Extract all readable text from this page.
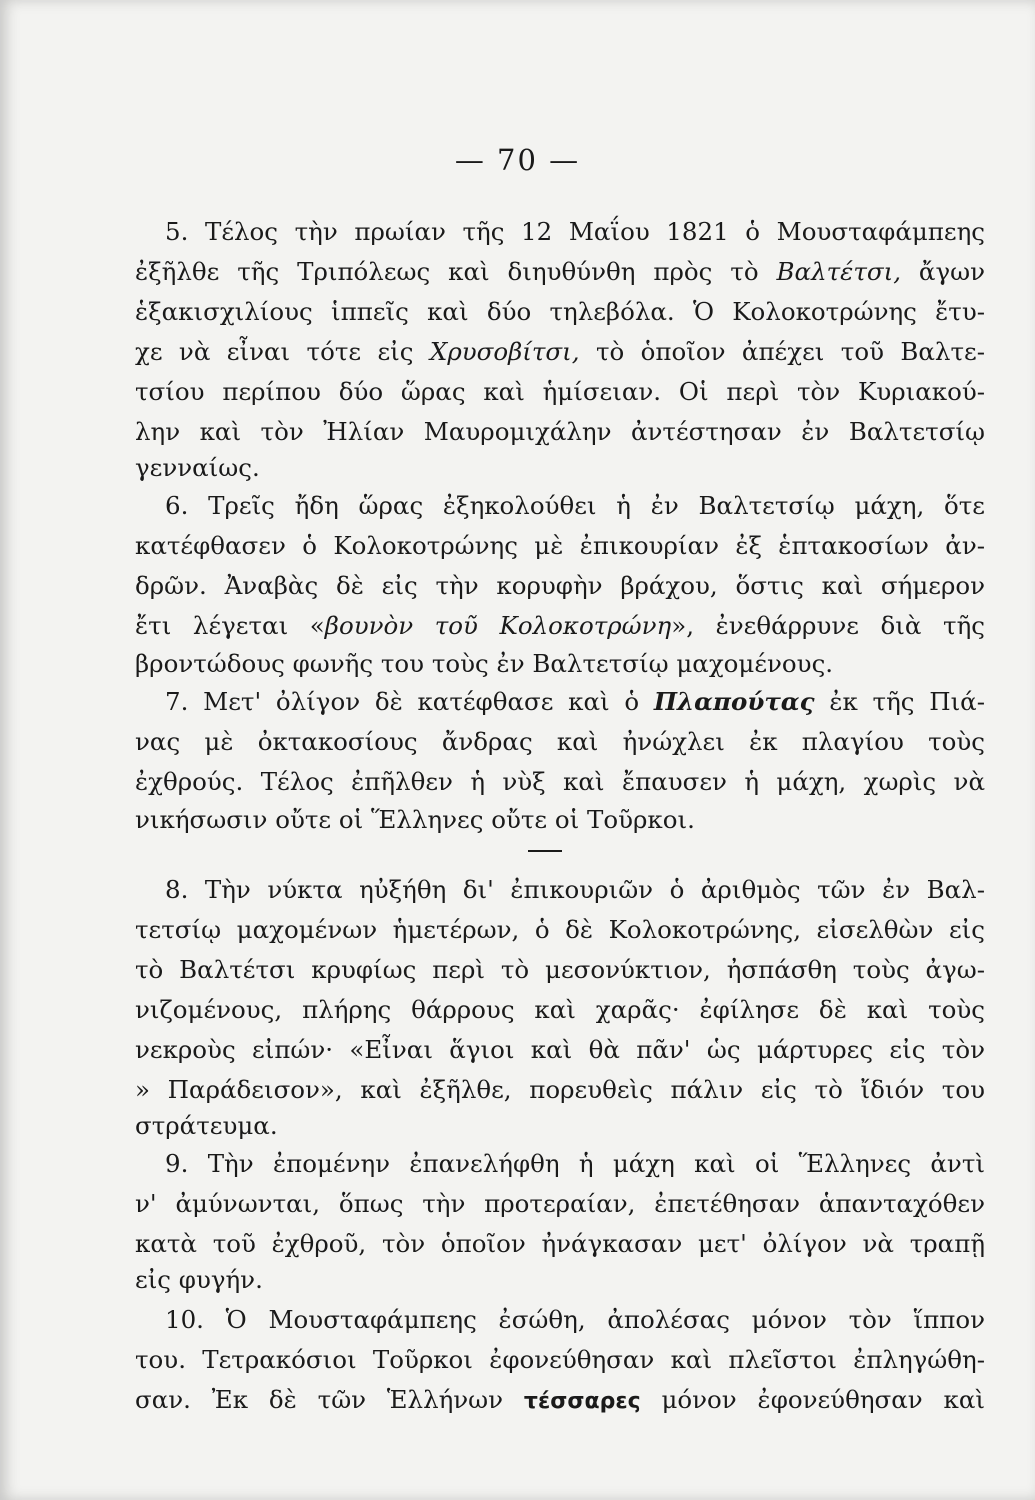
— 70 —
5. Τέλος τὴν πρωίαν τῆς 12 Μαΐου 1821 ὁ Μουσταφάμπεης
ἐξῆλθε τῆς Τριπόλεως καὶ διηυθύνθη πρὸς τὸ Βαλτέτσι, ἄγων
ἑξακισχιλίους ἱππεῖς καὶ δύο τηλεβόλα. Ὁ Κολοκοτρώνης ἔτυ-
χε νὰ εἶναι τότε εἰς Χρυσοβίτσι, τὸ ὁποῖον ἀπέχει τοῦ Βαλτε-
τσίου περίπου δύο ὥρας καὶ ἡμίσειαν. Οἱ περὶ τὸν Κυριακού-
λην καὶ τὸν Ἠλίαν Μαυρομιχάλην ἀντέστησαν ἐν Βαλτετσίῳ
γενναίως.
6. Τρεῖς ἤδη ὥρας ἐξηκολούθει ἡ ἐν Βαλτετσίῳ μάχη, ὅτε
κατέφθασεν ὁ Κολοκοτρώνης μὲ ἐπικουρίαν ἐξ ἑπτακοσίων ἀν-
δρῶν. Ἀναβὰς δὲ εἰς τὴν κορυφὴν βράχου, ὅστις καὶ σήμερον
ἔτι λέγεται «βουνὸν τοῦ Κολοκοτρώνη», ἐνεθάρρυνε διὰ τῆς
βροντώδους φωνῆς του τοὺς ἐν Βαλτετσίῳ μαχομένους.
7. Μετ' ὀλίγον δὲ κατέφθασε καὶ ὁ Πλαπούτας ἐκ τῆς Πιά-
νας μὲ ὀκτακοσίους ἄνδρας καὶ ἠνώχλει ἐκ πλαγίου τοὺς
ἐχθρούς. Τέλος ἐπῆλθεν ἡ νὺξ καὶ ἔπαυσεν ἡ μάχη, χωρὶς νὰ
νικήσωσιν οὔτε οἱ Ἕλληνες οὔτε οἱ Τοῦρκοι.
8. Τὴν νύκτα ηὐξήθη δι' ἐπικουριῶν ὁ ἀριθμὸς τῶν ἐν Βαλ-
τετσίῳ μαχομένων ἡμετέρων, ὁ δὲ Κολοκοτρώνης, εἰσελθὼν εἰς
τὸ Βαλτέτσι κρυφίως περὶ τὸ μεσονύκτιον, ἠσπάσθη τοὺς ἀγω-
νιζομένους, πλήρης θάρρους καὶ χαρᾶς· ἐφίλησε δὲ καὶ τοὺς
νεκροὺς εἰπών· «Εἶναι ἅγιοι καὶ θὰ πᾶν' ὡς μάρτυρες εἰς τὸν
» Παράδεισον», καὶ ἐξῆλθε, πορευθεὶς πάλιν εἰς τὸ ἴδιόν του
στράτευμα.
9. Τὴν ἐπομένην ἐπανελήφθη ἡ μάχη καὶ οἱ Ἕλληνες ἀντὶ
ν' ἀμύνωνται, ὅπως τὴν προτεραίαν, ἐπετέθησαν ἁπανταχόθεν
κατὰ τοῦ ἐχθροῦ, τὸν ὁποῖον ἠνάγκασαν μετ' ὀλίγον νὰ τραπῇ
εἰς φυγήν.
10. Ὁ Μουσταφάμπεης ἐσώθη, ἀπολέσας μόνον τὸν ἵππον
του. Τετρακόσιοι Τοῦρκοι ἐφονεύθησαν καὶ πλεῖστοι ἐπληγώθη-
σαν. Ἐκ δὲ τῶν Ἑλλήνων τέσσαρες μόνον ἐφονεύθησαν καὶ
